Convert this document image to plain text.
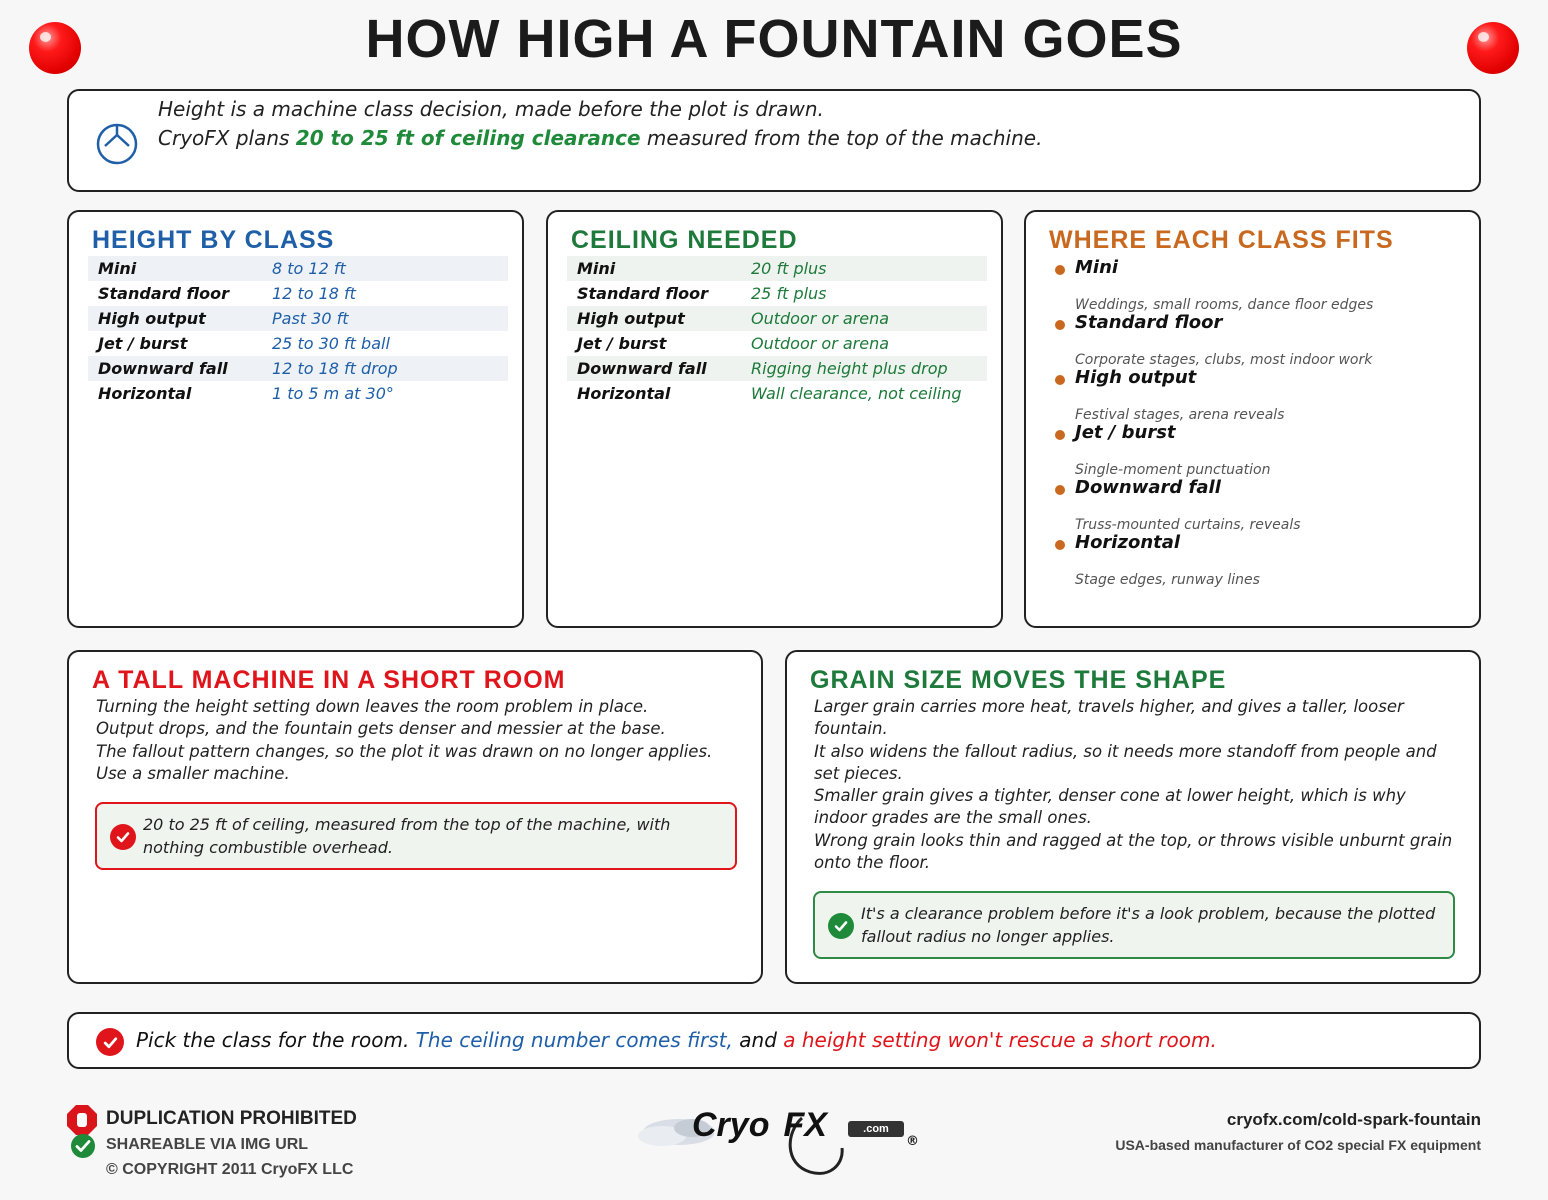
HOW HIGH A FOUNTAIN GOES
Height is a machine class decision, made before the plot is drawn.
CryoFX plans 20 to 25 ft of ceiling clearance measured from the top of the machine.
HEIGHT BY CLASS
Mini	8 to 12 ft
Standard floor	12 to 18 ft
High output	Past 30 ft
Jet / burst	25 to 30 ft ball
Downward fall	12 to 18 ft drop
Horizontal	1 to 5 m at 30°
CEILING NEEDED
Mini	20 ft plus
Standard floor	25 ft plus
High output	Outdoor or arena
Jet / burst	Outdoor or arena
Downward fall	Rigging height plus drop
Horizontal	Wall clearance, not ceiling
WHERE EACH CLASS FITS
Mini
Weddings, small rooms, dance floor edges
Standard floor
Corporate stages, clubs, most indoor work
High output
Festival stages, arena reveals
Jet / burst
Single-moment punctuation
Downward fall
Truss-mounted curtains, reveals
Horizontal
Stage edges, runway lines
A TALL MACHINE IN A SHORT ROOM
Turning the height setting down leaves the room problem in place.
Output drops, and the fountain gets denser and messier at the base.
The fallout pattern changes, so the plot it was drawn on no longer applies.
Use a smaller machine.
20 to 25 ft of ceiling, measured from the top of the machine, with nothing combustible overhead.
GRAIN SIZE MOVES THE SHAPE
Larger grain carries more heat, travels higher, and gives a taller, looser
fountain.
It also widens the fallout radius, so it needs more standoff from people and
set pieces.
Smaller grain gives a tighter, denser cone at lower height, which is why
indoor grades are the small ones.
Wrong grain looks thin and ragged at the top, or throws visible unburnt grain
onto the floor.
It's a clearance problem before it's a look problem, because the plotted fallout radius no longer applies.
Pick the class for the room. The ceiling number comes first, and a height setting won't rescue a short room.
DUPLICATION PROHIBITED
SHAREABLE VIA IMG URL
© COPYRIGHT 2011 CryoFX LLC
Cryo FX	.com
®
cryofx.com/cold-spark-fountain
USA-based manufacturer of CO2 special FX equipment
